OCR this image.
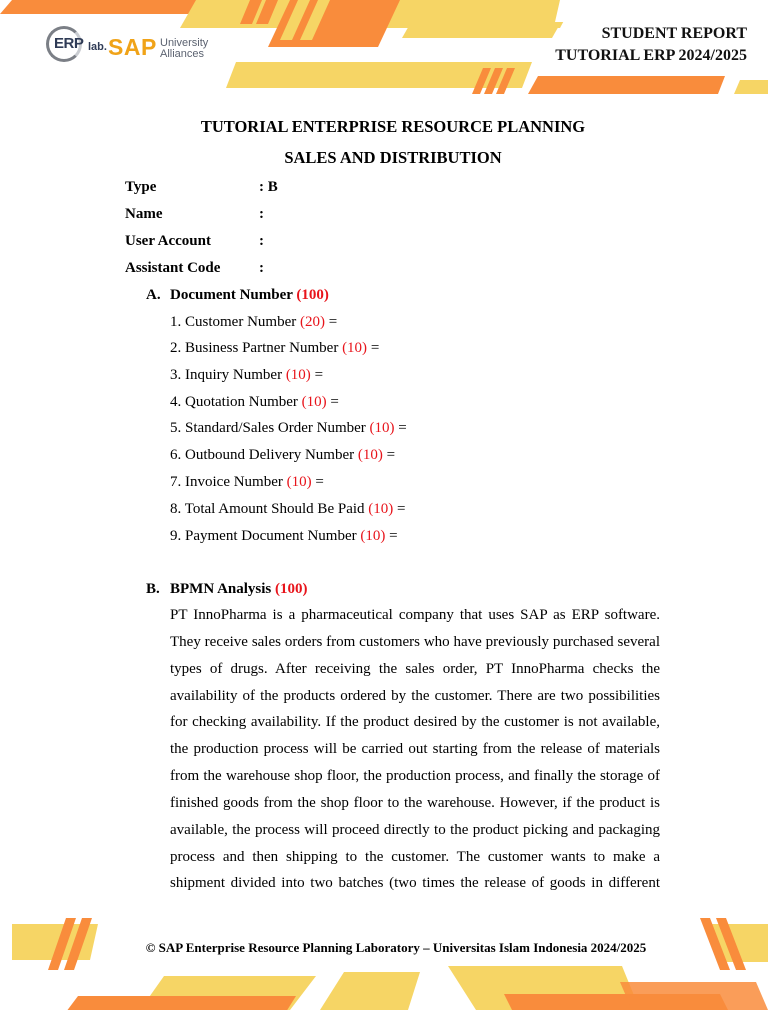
ERP lab. SAP University
Alliances
STUDENT REPORT
TUTORIAL ERP 2024/2025
TUTORIAL ENTERPRISE RESOURCE PLANNING
SALES AND DISTRIBUTION
Type	: B
Name	:
User Account	:
Assistant Code	:
A. Document Number (100)
1. Customer Number (20) =
2. Business Partner Number (10) =
3. Inquiry Number (10) =
4. Quotation Number (10) =
5. Standard/Sales Order Number (10) =
6. Outbound Delivery Number (10) =
7. Invoice Number (10) =
8. Total Amount Should Be Paid (10) =
9. Payment Document Number (10) =
B. BPMN Analysis (100)
PT InnoPharma is a pharmaceutical company that uses SAP as ERP software.
They receive sales orders from customers who have previously purchased several
types of drugs. After receiving the sales order, PT InnoPharma checks the
availability of the products ordered by the customer. There are two possibilities
for checking availability. If the product desired by the customer is not available,
the production process will be carried out starting from the release of materials
from the warehouse shop floor, the production process, and finally the storage of
finished goods from the shop floor to the warehouse. However, if the product is
available, the process will proceed directly to the product picking and packaging
process and then shipping to the customer. The customer wants to make a
shipment divided into two batches (two times the release of goods in different
© SAP Enterprise Resource Planning Laboratory – Universitas Islam Indonesia 2024/2025
